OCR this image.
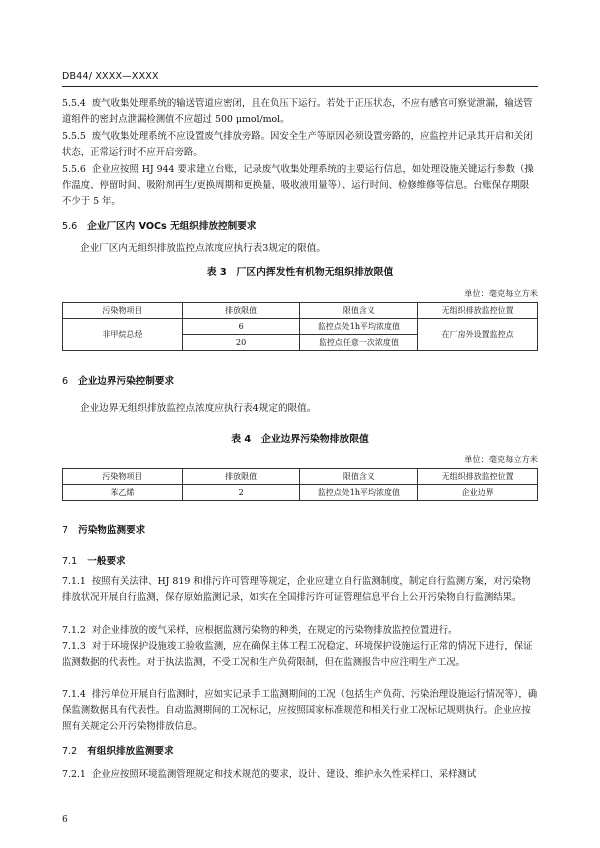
DB44/ XXXX—XXXX
5.5.4 废气收集处理系统的输送管道应密闭，且在负压下运行。若处于正压状态，不应有感官可察觉泄漏，输送管道组件的密封点泄漏检测值不应超过 500 μmol/mol。
5.5.5 废气收集处理系统不应设置废气排放旁路。因安全生产等原因必须设置旁路的，应监控并记录其开启和关闭状态，正常运行时不应开启旁路。
5.5.6 企业应按照 HJ 944 要求建立台账，记录废气收集处理系统的主要运行信息，如处理设施关键运行参数（操作温度、停留时间、吸附剂再生/更换周期和更换量、吸收液用量等）、运行时间、检修维修等信息。台账保存期限不少于 5 年。
5.6 企业厂区内 VOCs 无组织排放控制要求
企业厂区内无组织排放监控点浓度应执行表3规定的限值。
表 3　厂区内挥发性有机物无组织排放限值
单位：毫克每立方米
污染物项目	排放限值	限值含义	无组织排放监控位置
非甲烷总烃	6	监控点处1h平均浓度值	在厂房外设置监控点
	20	监控点任意一次浓度值	
6 企业边界污染控制要求
企业边界无组织排放监控点浓度应执行表4规定的限值。
表 4　企业边界污染物排放限值
单位：毫克每立方米
污染物项目	排放限值	限值含义	无组织排放监控位置
苯乙烯	2	监控点处1h平均浓度值	企业边界
7 污染物监测要求
7.1 一般要求
7.1.1 按照有关法律、HJ 819 和排污许可管理等规定，企业应建立自行监测制度，制定自行监测方案，对污染物排放状况开展自行监测，保存原始监测记录，如实在全国排污许可证管理信息平台上公开污染物自行监测结果。
7.1.2 对企业排放的废气采样，应根据监测污染物的种类，在规定的污染物排放监控位置进行。
7.1.3 对于环境保护设施竣工验收监测，应在确保主体工程工况稳定、环境保护设施运行正常的情况下进行，保证监测数据的代表性。对于执法监测，不受工况和生产负荷限制，但在监测报告中应注明生产工况。
7.1.4 排污单位开展自行监测时，应如实记录手工监测期间的工况（包括生产负荷、污染治理设施运行情况等），确保监测数据具有代表性。自动监测期间的工况标记，应按照国家标准规范和相关行业工况标记规则执行。企业应按照有关规定公开污染物排放信息。
7.2 有组织排放监测要求
7.2.1 企业应按照环境监测管理规定和技术规范的要求，设计、建设、维护永久性采样口、采样测试
6
